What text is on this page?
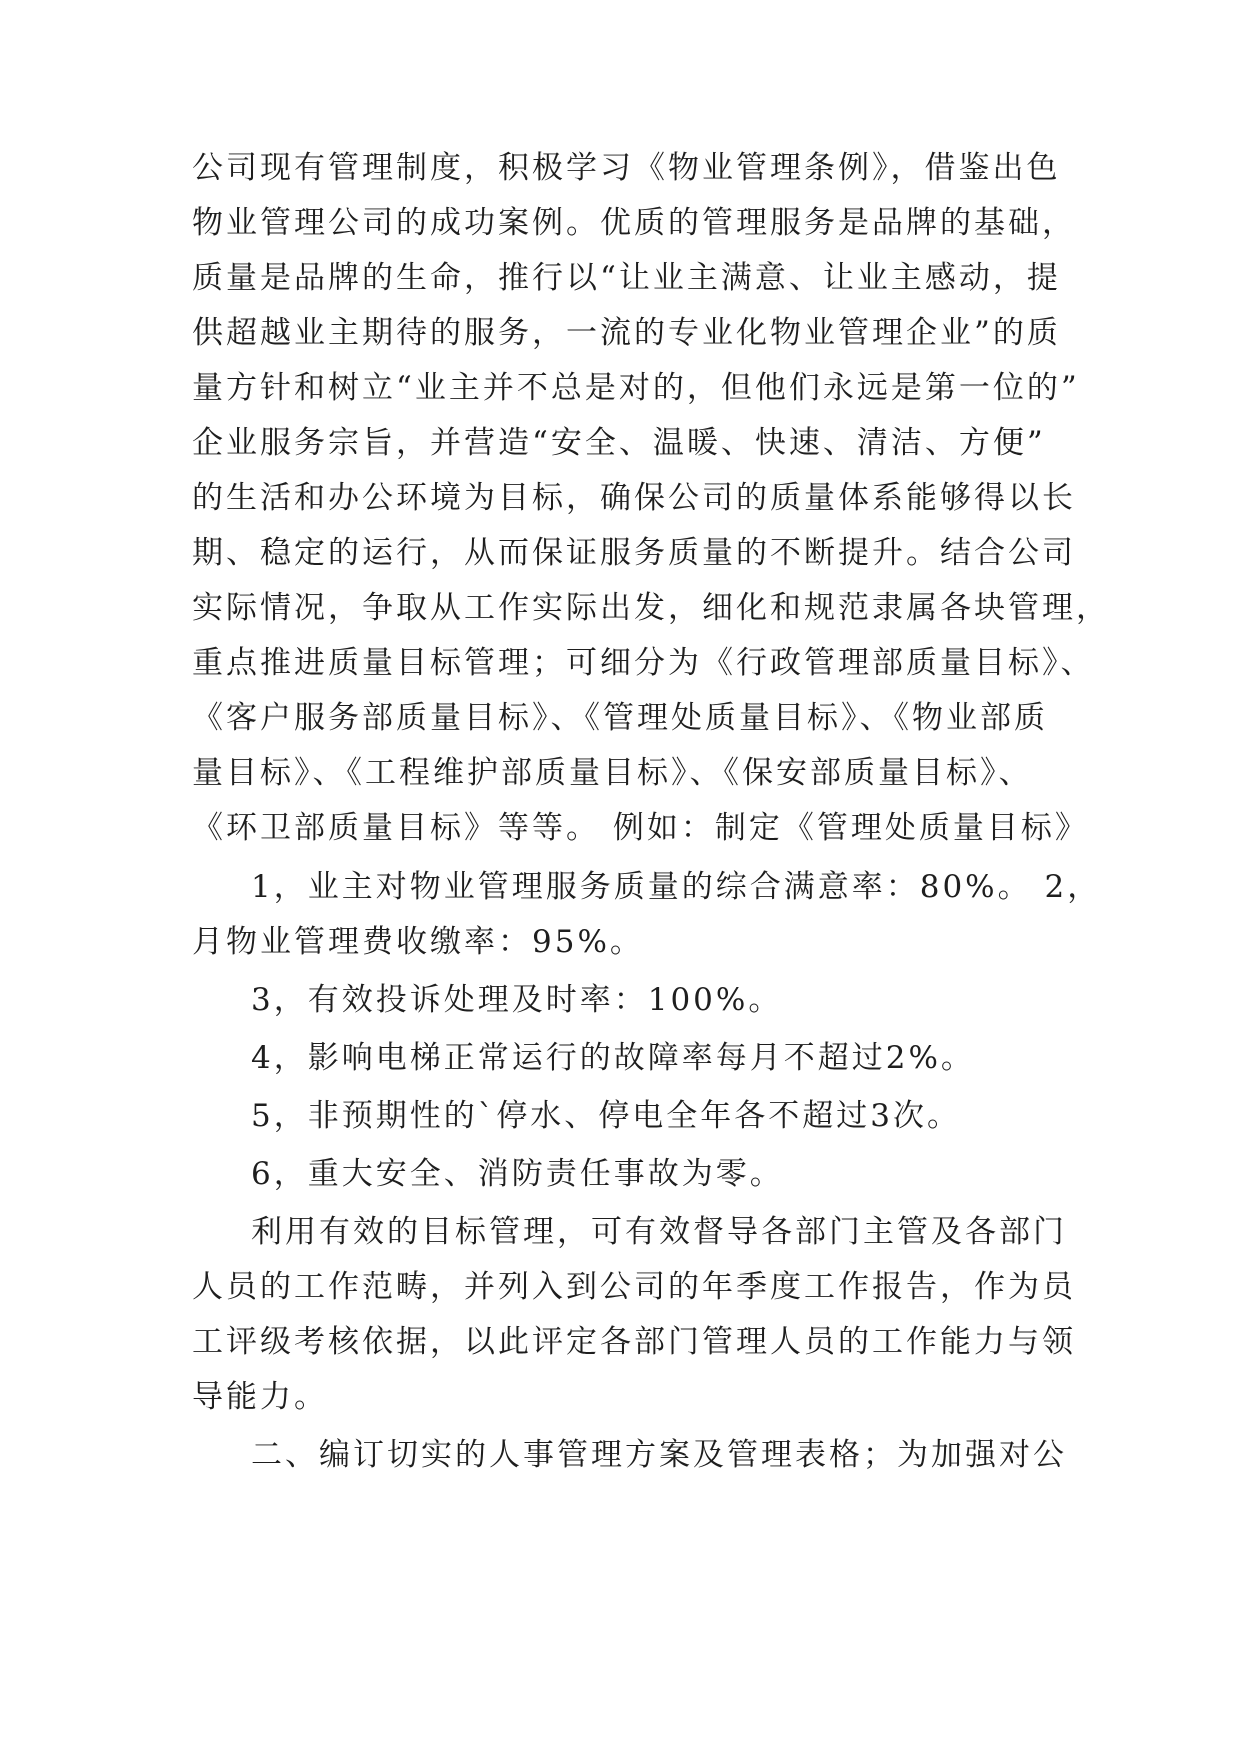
公司现有管理制度，积极学习《物业管理条例》，借鉴出色
物业管理公司的成功案例。优质的管理服务是品牌的基础，
质量是品牌的生命，推行以“让业主满意、让业主感动，提
供超越业主期待的服务，一流的专业化物业管理企业”的质
量方针和树立“业主并不总是对的，但他们永远是第一位的”
企业服务宗旨，并营造“安全、温暖、快速、清洁、方便”
的生活和办公环境为目标，确保公司的质量体系能够得以长
期、稳定的运行，从而保证服务质量的不断提升。结合公司
实际情况，争取从工作实际出发，细化和规范隶属各块管理，
重点推进质量目标管理；可细分为《行政管理部质量目标》、
《客户服务部质量目标》、《管理处质量目标》、《物业部质
量目标》、《工程维护部质量目标》、《保安部质量目标》、
《环卫部质量目标》等等。 例如：制定《管理处质量目标》
1，业主对物业管理服务质量的综合满意率：80%。 2，
月物业管理费收缴率：95%。
3，有效投诉处理及时率：100%。
4，影响电梯正常运行的故障率每月不超过2%。
5，非预期性的`停水、停电全年各不超过3次。
6，重大安全、消防责任事故为零。
利用有效的目标管理，可有效督导各部门主管及各部门
人员的工作范畴，并列入到公司的年季度工作报告，作为员
工评级考核依据，以此评定各部门管理人员的工作能力与领
导能力。
二、编订切实的人事管理方案及管理表格；为加强对公
